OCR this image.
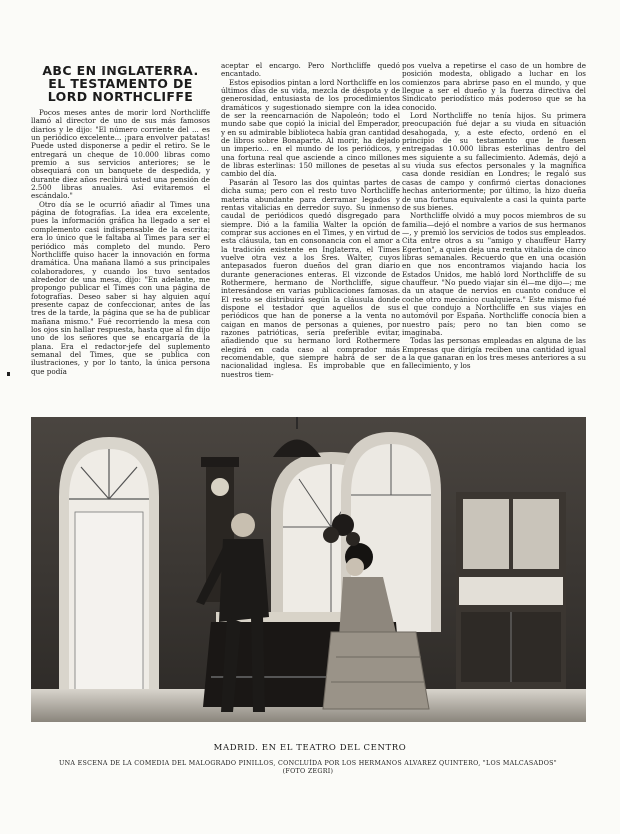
ABC EN INGLATERRA.
EL TESTAMENTO DE
LORD NORTHCLIFFE

Pocos meses antes de morir lord Northcliffe llamó al director de uno de sus más famosos diarios y le dijo: "El número corriente del ... es un periódico excelente... ¡para envolver patatas! Puede usted disponerse a pedir el retiro. Se le entregará un cheque de 10.000 libras como premio a sus servicios anteriores; se le obsequiará con un banquete de despedida, y durante diez años recibirá usted una pensión de 2.500 libras anuales. Así evitaremos el escándalo."

Otro día se le ocurrió añadir al Times una página de fotografías. La idea era excelente, pues la información gráfica ha llegado a ser el complemento casi indispensable de la escrita; era lo único que le faltaba al Times para ser el periódico más completo del mundo. Pero Northcliffe quiso hacer la innovación en forma dramática. Una mañana llamó a sus principales colaboradores, y cuando los tuvo sentados alrededor de una mesa, dijo: "En adelante, me propongo publicar el Times con una página de fotografías. Deseo saber si hay alguien aquí presente capaz de confeccionar, antes de las tres de la tarde, la página que se ha de publicar mañana mismo." Fué recorriendo la mesa con los ojos sin hallar respuesta, hasta que al fin dijo uno de los señores que se encargaría de la plana. Era el redactor-jefe del suplemento semanal del Times, que se publica con ilustraciones, y por lo tanto, la única persona que podía

aceptar el encargo. Pero Northcliffe quedó encantado.

Estos episodios pintan a lord Northcliffe en los últimos días de su vida, mezcla de déspota y de generosidad, entusiasta de los procedimientos dramáticos y sugestionado siempre con la idea de ser la reencarnación de Napoleón; todo el mundo sabe que copió la inicial del Emperador, y en su admirable biblioteca había gran cantidad de libros sobre Bonaparte. Al morir, ha dejado un imperio... en el mundo de los periódicos, y una fortuna real que asciende a cinco millones de libras esterlinas: 150 millones de pesetas al cambio del día.

Pasarán al Tesoro las dos quintas partes de dicha suma; pero con el resto tuvo Northcliffe materia abundante para derramar legados y rentas vitalicias en derredor suyo. Su inmenso caudal de periódicos quedó disgregado para siempre. Dió a la familia Walter la opción de comprar sus acciones en el Times, y en virtud de esta cláusula, tan en consonancia con el amor a la tradición existente en Inglaterra, el Times vuelve otra vez a los Sres. Walter, cuyos antepasados fueron dueños del gran diario durante generaciones enteras. El vizconde de Rothermere, hermano de Northcliffe, sigue interesándose en varias publicaciones famosas. El resto se distribuirá según la cláusula donde dispone el testador que aquellos de sus periódicos que han de ponerse a la venta no caigan en manos de personas a quienes, por razones patrióticas, sería preferible evitar, añadiendo que su hermano lord Rothermere elegirá en cada caso al comprador más recomendable, que siempre habrá de ser de nacionalidad inglesa. Es improbable que en nuestros tiem-

pos vuelva a repetirse el caso de un hombre de posición modesta, obligado a luchar en los comienzos para abrirse paso en el mundo, y que llegue a ser el dueño y la fuerza directiva del Sindicato periodístico más poderoso que se ha conocido.

Lord Northcliffe no tenía hijos. Su primera preocupación fué dejar a su viuda en situación desahogada, y, a este efecto, ordenó en el principio de su testamento que le fuesen entregadas 10.000 libras esterlinas dentro del mes siguiente a su fallecimiento. Además, dejó a su viuda sus efectos personales y la magnífica casa donde residían en Londres; le regaló sus casas de campo y confirmó ciertas donaciones hechas anteriormente; por último, la hizo dueña de una fortuna equivalente a casi la quinta parte de sus bienes.

Northcliffe olvidó a muy pocos miembros de su familia—dejó el nombre a varios de sus hermanos—, y premió los servicios de todos sus empleados. Cita entre otros a su "amigo y chauffeur Harry Egerton", a quien deja una renta vitalicia de cinco libras semanales. Recuerdo que en una ocasión en que nos encontramos viajando hacia los Estados Unidos, me habló lord Northcliffe de su chauffeur. "No puedo viajar sin él—me dijo—; me da un ataque de nervios en cuanto conduce el coche otro mecánico cualquiera." Este mismo fué el que condujo a Northcliffe en sus viajes en automóvil por España. Northcliffe conocía bien a nuestro país; pero no tan bien como se imaginaba.

Todas las personas empleadas en alguna de las Empresas que dirigía reciben una cantidad igual a la que ganaran en los tres meses anteriores a su fallecimiento, y los

MADRID. EN EL TEATRO DEL CENTRO
UNA ESCENA DE LA COMEDIA DEL MALOGRADO PINILLOS, CONCLUÍDA POR LOS HERMANOS ALVAREZ QUINTERO, "LOS MALCASADOS"
(FOTO ZEGRI)
